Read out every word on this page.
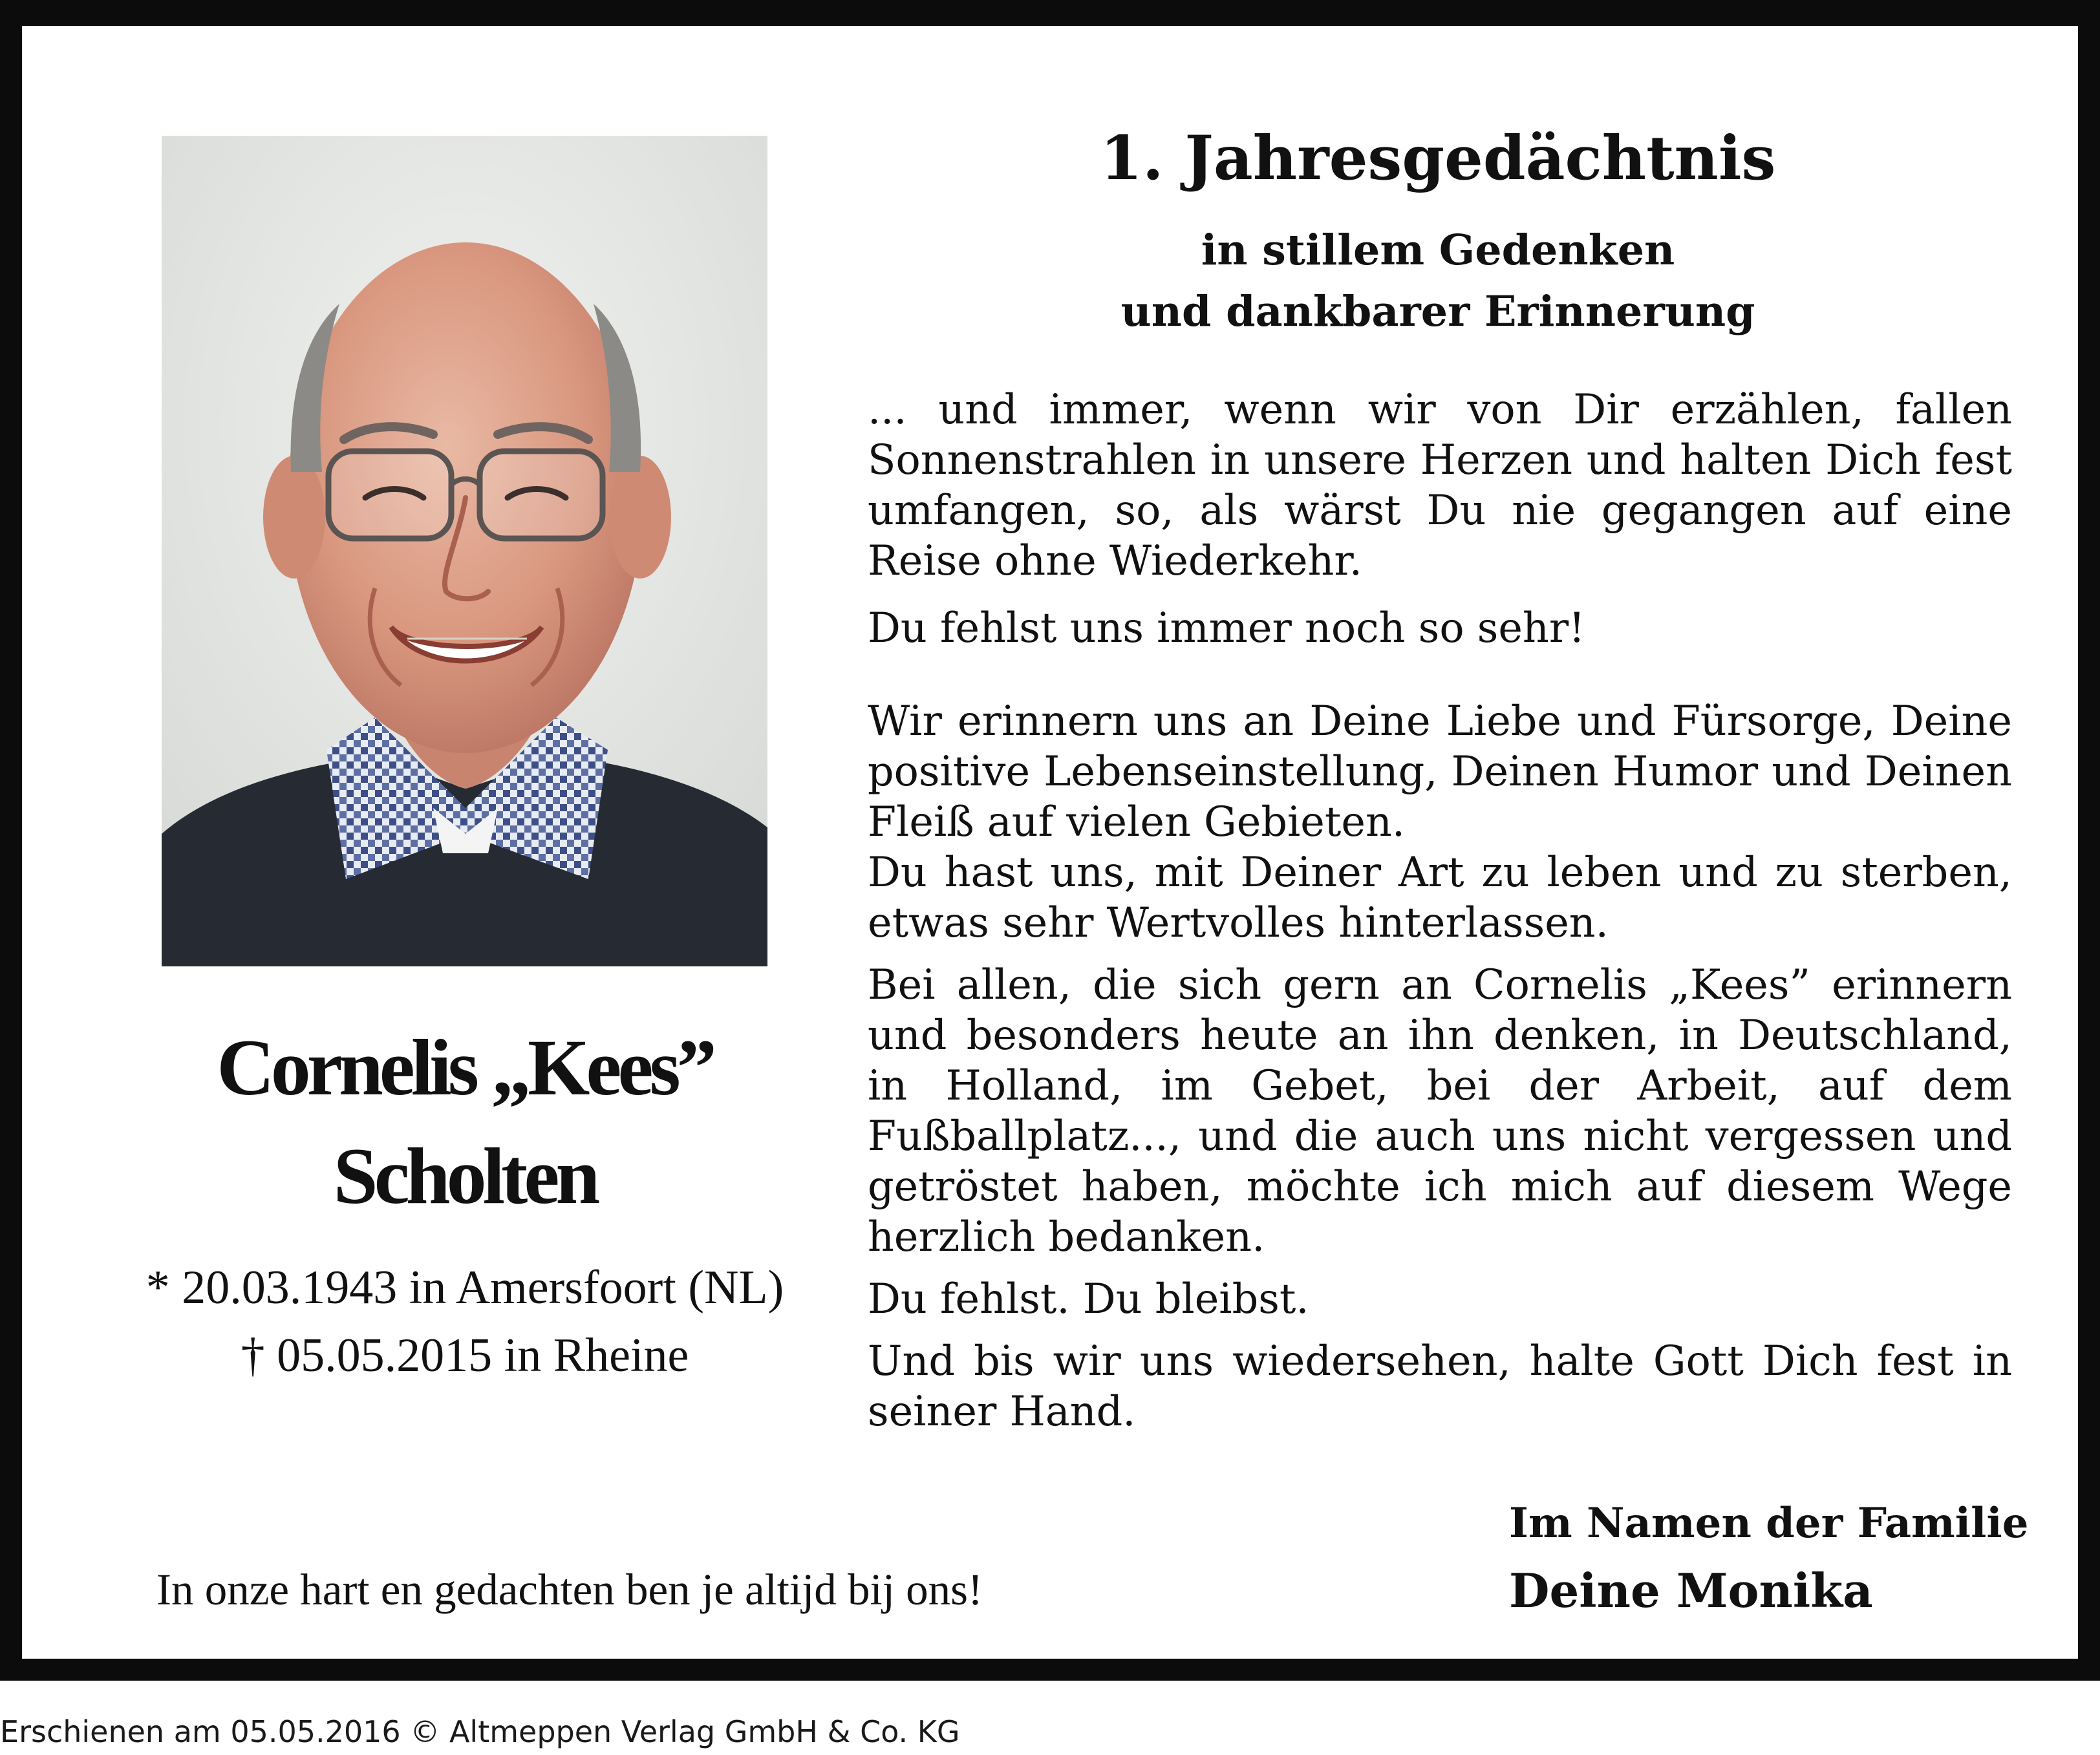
Cornelis „Kees”
Scholten
* 20.03.1943 in Amersfoort (NL)
† 05.05.2015 in Rheine
In onze hart en gedachten ben je altijd bij ons!
1. Jahresgedächtnis
in stillem Gedenken
und dankbarer Erinnerung

... und immer, wenn wir von Dir erzählen, fallen Sonnenstrahlen in unsere Herzen und halten Dich fest umfangen, so, als wärst Du nie gegangen auf eine Reise ohne Wiederkehr.

Du fehlst uns immer noch so sehr!

Wir erinnern uns an Deine Liebe und Fürsorge, Deine positive Lebenseinstellung, Deinen Humor und Deinen Fleiß auf vielen Gebieten.

Du hast uns, mit Deiner Art zu leben und zu sterben, etwas sehr Wertvolles hinterlassen.

Bei allen, die sich gern an Cornelis „Kees” erinnern und besonders heute an ihn denken, in Deutschland, in Holland, im Gebet, bei der Arbeit, auf dem Fußballplatz..., und die auch uns nicht vergessen und getröstet haben, möchte ich mich auf diesem Wege herzlich bedanken.

Du fehlst. Du bleibst.

Und bis wir uns wiedersehen, halte Gott Dich fest in seiner Hand.

Im Namen der Familie
Deine Monika
Erschienen am 05.05.2016 © Altmeppen Verlag GmbH & Co. KG
